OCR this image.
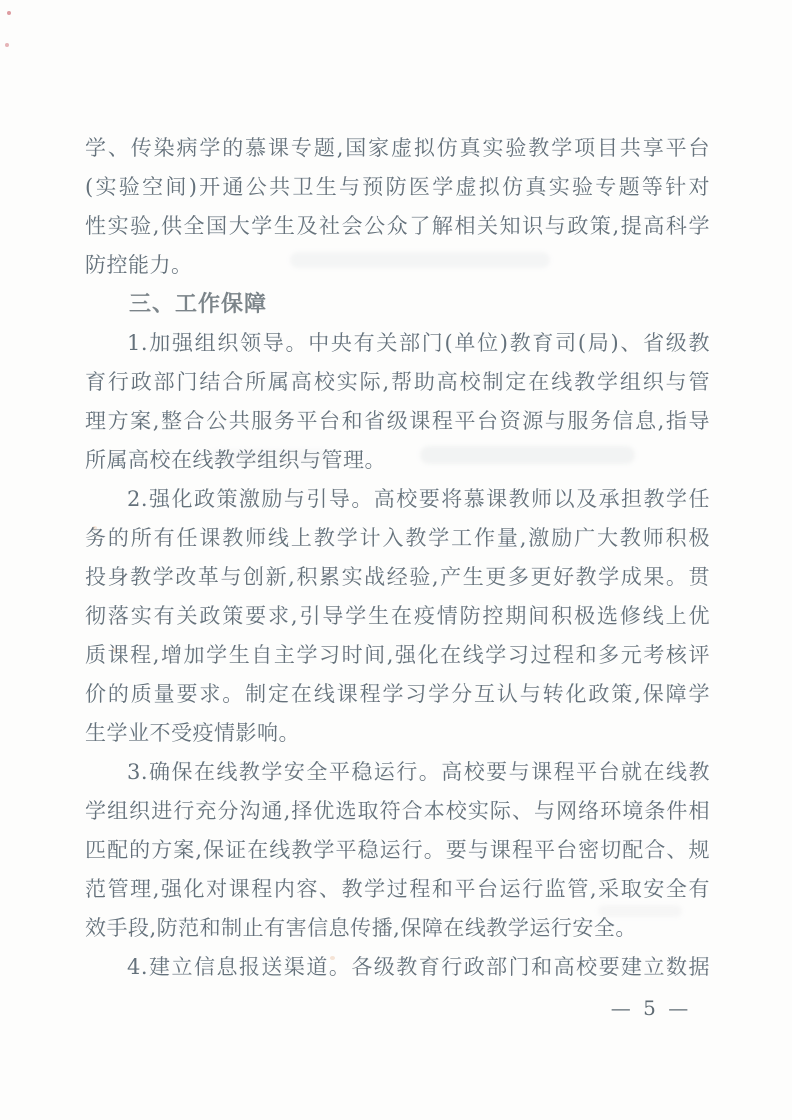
学、传染病学的慕课专题,国家虚拟仿真实验教学项目共享平台
(实验空间)开通公共卫生与预防医学虚拟仿真实验专题等针对
性实验,供全国大学生及社会公众了解相关知识与政策,提高科学
防控能力。
三、工作保障
1.加强组织领导。中央有关部门(单位)教育司(局)、省级教
育行政部门结合所属高校实际,帮助高校制定在线教学组织与管
理方案,整合公共服务平台和省级课程平台资源与服务信息,指导
所属高校在线教学组织与管理。
2.强化政策激励与引导。高校要将慕课教师以及承担教学任
务的所有任课教师线上教学计入教学工作量,激励广大教师积极
投身教学改革与创新,积累实战经验,产生更多更好教学成果。贯
彻落实有关政策要求,引导学生在疫情防控期间积极选修线上优
质课程,增加学生自主学习时间,强化在线学习过程和多元考核评
价的质量要求。制定在线课程学习学分互认与转化政策,保障学
生学业不受疫情影响。
3.确保在线教学安全平稳运行。高校要与课程平台就在线教
学组织进行充分沟通,择优选取符合本校实际、与网络环境条件相
匹配的方案,保证在线教学平稳运行。要与课程平台密切配合、规
范管理,强化对课程内容、教学过程和平台运行监管,采取安全有
效手段,防范和制止有害信息传播,保障在线教学运行安全。
4.建立信息报送渠道。各级教育行政部门和高校要建立数据
— 5 —
